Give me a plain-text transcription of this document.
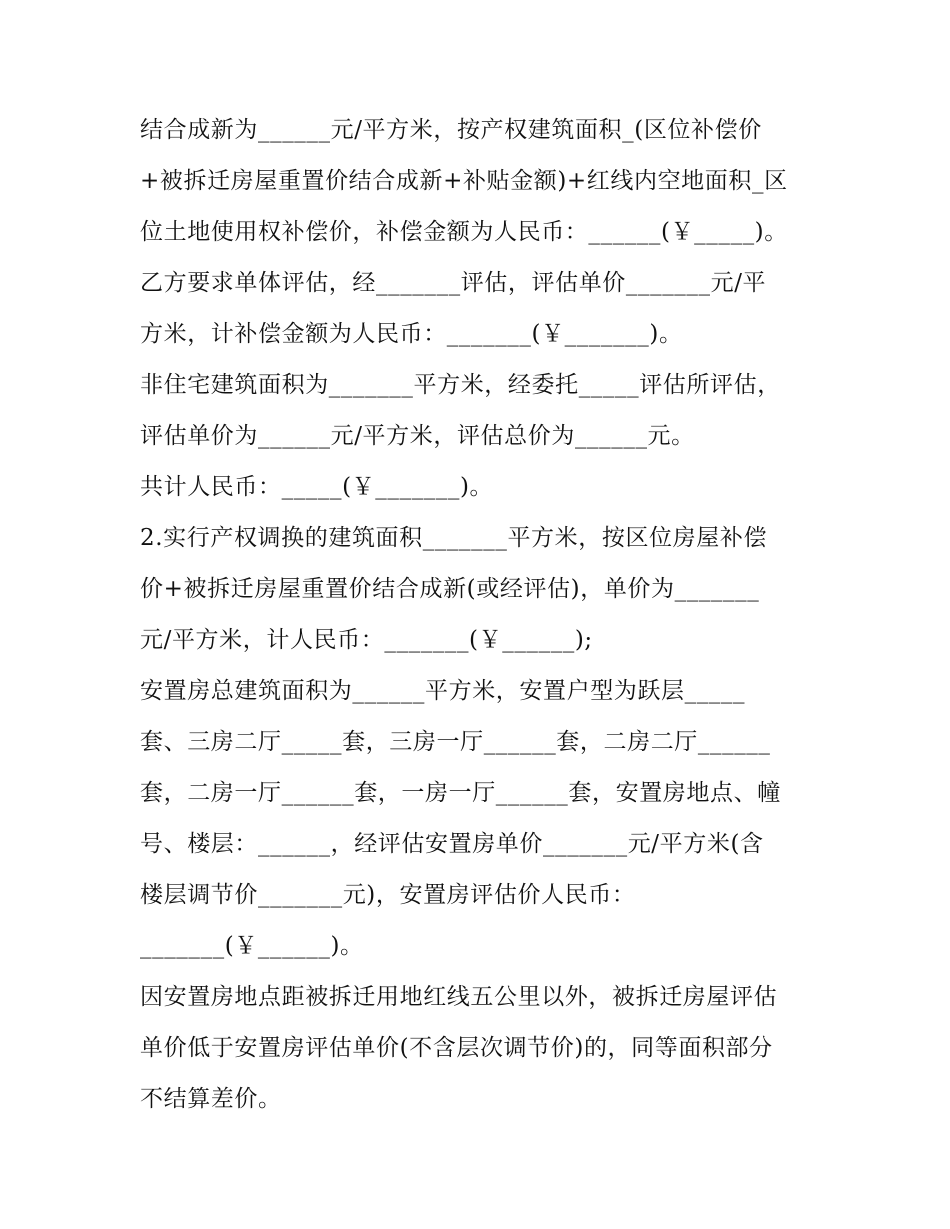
结合成新为______元/平方米，按产权建筑面积_(区位补偿价
+被拆迁房屋重置价结合成新+补贴金额)+红线内空地面积_区
位土地使用权补偿价，补偿金额为人民币：______(￥_____)。
乙方要求单体评估，经_______评估，评估单价_______元/平
方米，计补偿金额为人民币：_______(￥_______)。
非住宅建筑面积为_______平方米，经委托_____评估所评估，
评估单价为______元/平方米，评估总价为______元。
共计人民币：_____(￥_______)。
2.实行产权调换的建筑面积_______平方米，按区位房屋补偿
价+被拆迁房屋重置价结合成新(或经评估)，单价为_______
元/平方米，计人民币：_______(￥______);
安置房总建筑面积为______平方米，安置户型为跃层_____
套、三房二厅_____套，三房一厅______套，二房二厅______
套，二房一厅______套，一房一厅______套，安置房地点、幢
号、楼层：______，经评估安置房单价_______元/平方米(含
楼层调节价_______元)，安置房评估价人民币：
_______(￥______)。
因安置房地点距被拆迁用地红线五公里以外，被拆迁房屋评估
单价低于安置房评估单价(不含层次调节价)的，同等面积部分
不结算差价。
